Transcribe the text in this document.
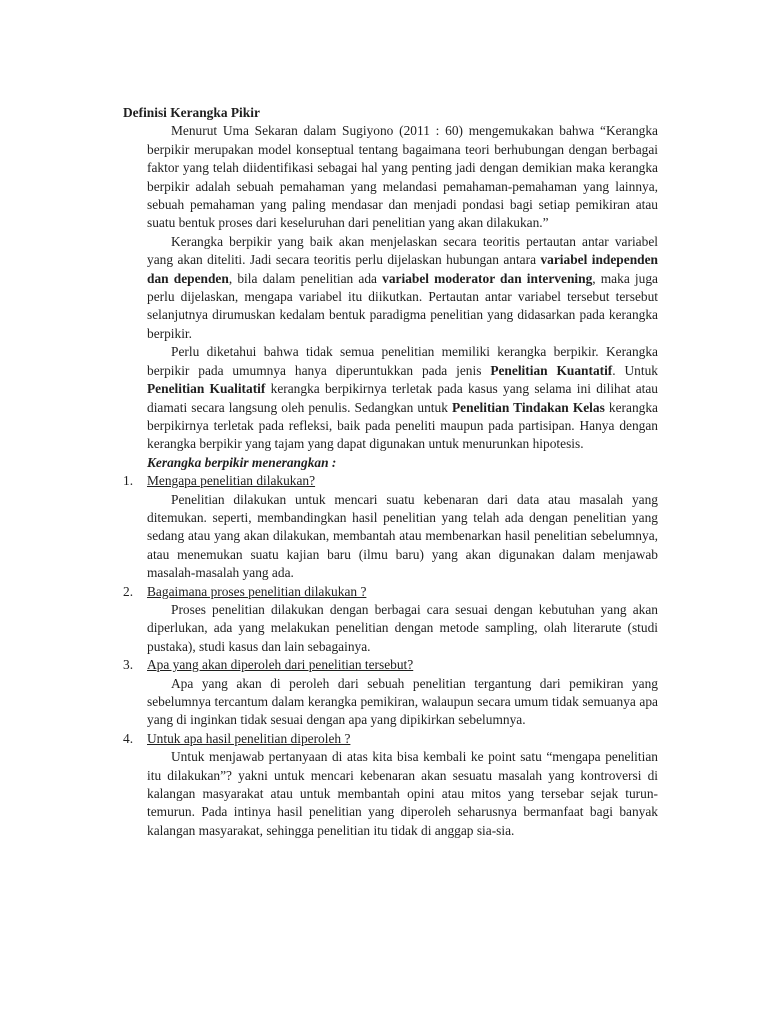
Definisi Kerangka Pikir

Menurut Uma Sekaran dalam Sugiyono (2011 : 60) mengemukakan bahwa “Kerangka berpikir merupakan model konseptual tentang bagaimana teori berhubungan dengan berbagai faktor yang telah diidentifikasi sebagai hal yang penting jadi dengan demikian maka kerangka berpikir adalah sebuah pemahaman yang melandasi pemahaman-pemahaman yang lainnya, sebuah pemahaman yang paling mendasar dan menjadi pondasi bagi setiap pemikiran atau suatu bentuk proses dari keseluruhan dari penelitian yang akan dilakukan.”

Kerangka berpikir yang baik akan menjelaskan secara teoritis pertautan antar variabel yang akan diteliti. Jadi secara teoritis perlu dijelaskan hubungan antara variabel independen dan dependen, bila dalam penelitian ada variabel moderator dan intervening, maka juga perlu dijelaskan, mengapa variabel itu diikutkan. Pertautan antar variabel tersebut tersebut selanjutnya dirumuskan kedalam bentuk paradigma penelitian yang didasarkan pada kerangka berpikir.

Perlu diketahui bahwa tidak semua penelitian memiliki kerangka berpikir. Kerangka berpikir pada umumnya hanya diperuntukkan pada jenis Penelitian Kuantatif. Untuk Penelitian Kualitatif kerangka berpikirnya terletak pada kasus yang selama ini dilihat atau diamati secara langsung oleh penulis. Sedangkan untuk Penelitian Tindakan Kelas kerangka berpikirnya terletak pada refleksi, baik pada peneliti maupun pada partisipan. Hanya dengan kerangka berpikir yang tajam yang dapat digunakan untuk menurunkan hipotesis.

Kerangka berpikir menerangkan :
1.	Mengapa penelitian dilakukan?

Penelitian dilakukan untuk mencari suatu kebenaran dari data atau masalah yang ditemukan. seperti, membandingkan hasil penelitian yang telah ada dengan penelitian yang sedang atau yang akan dilakukan, membantah atau membenarkan hasil penelitian sebelumnya, atau menemukan suatu kajian baru (ilmu baru) yang akan digunakan dalam menjawab masalah-masalah yang ada.

2.	Bagaimana proses penelitian dilakukan ?

Proses penelitian dilakukan dengan berbagai cara sesuai dengan kebutuhan yang akan diperlukan, ada yang melakukan penelitian dengan metode sampling, olah literarute (studi pustaka), studi kasus dan lain sebagainya.

3.	Apa yang akan diperoleh dari penelitian tersebut?

Apa yang akan di peroleh dari sebuah penelitian tergantung dari pemikiran yang sebelumnya tercantum dalam kerangka pemikiran, walaupun secara umum tidak semuanya apa yang di inginkan tidak sesuai dengan apa yang dipikirkan sebelumnya.

4.	Untuk apa hasil penelitian diperoleh ?

Untuk menjawab pertanyaan di atas kita bisa kembali ke point satu “mengapa penelitian itu dilakukan”? yakni untuk mencari kebenaran akan sesuatu masalah yang kontroversi di kalangan masyarakat atau untuk membantah opini atau mitos yang tersebar sejak turun-temurun. Pada intinya hasil penelitian yang diperoleh seharusnya bermanfaat bagi banyak kalangan masyarakat, sehingga penelitian itu tidak di anggap sia-sia.
